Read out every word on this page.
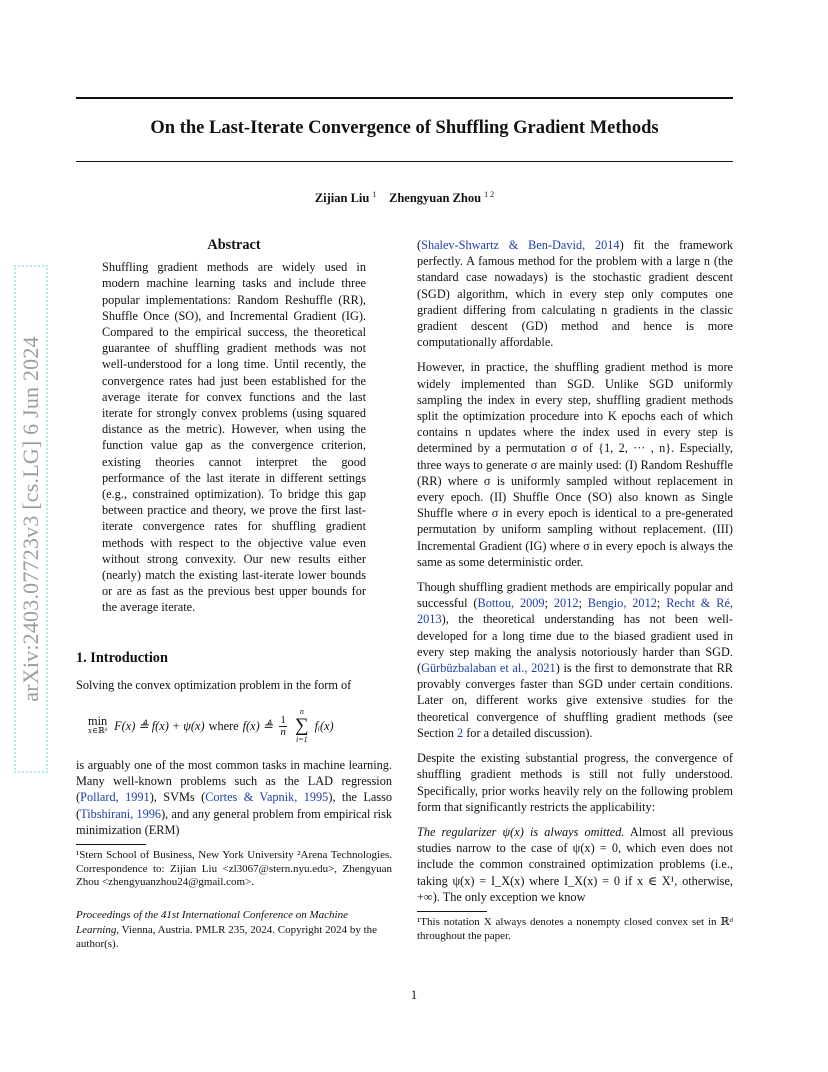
On the Last-Iterate Convergence of Shuffling Gradient Methods
Zijian Liu $^1$ Zhengyuan Zhou $^{1 2}$
arXiv:2403.07723v3 [cs.LG] 6 Jun 2024
Abstract
Shuffling gradient methods are widely used in modern machine learning tasks and include three popular implementations: Random Reshuffle (RR), Shuffle Once (SO), and Incremental Gradient (IG). Compared to the empirical success, the theoretical guarantee of shuffling gradient methods was not well-understood for a long time. Until recently, the convergence rates had just been established for the average iterate for convex functions and the last iterate for strongly convex problems (using squared distance as the metric). However, when using the function value gap as the convergence criterion, existing theories cannot interpret the good performance of the last iterate in different settings (e.g., constrained optimization). To bridge this gap between practice and theory, we prove the first last-iterate convergence rates for shuffling gradient methods with respect to the objective value even without strong convexity. Our new results either (nearly) match the existing last-iterate lower bounds or are as fast as the previous best upper bounds for the average iterate.
1. Introduction

Solving the convex optimization problem in the form of

min
x∈ℝᵈ F(x) ≜ f(x) + ψ(x) where f(x) ≜ $\frac{1}{n}$
n
∑
i=1
fᵢ(x)

is arguably one of the most common tasks in machine learning. Many well-known problems such as the LAD regression (Pollard, 1991), SVMs (Cortes & Vapnik, 1995), the Lasso (Tibshirani, 1996), and any general problem from empirical risk minimization (ERM)

¹Stern School of Business, New York University ²Arena Technologies. Correspondence to: Zijian Liu <zl3067@stern.nyu.edu>, Zhengyuan Zhou <zhengyuanzhou24@gmail.com>.
Proceedings of the 41st International Conference on Machine Learning, Vienna, Austria. PMLR 235, 2024. Copyright 2024 by the author(s).

(Shalev-Shwartz & Ben-David, 2014) fit the framework perfectly. A famous method for the problem with a large n (the standard case nowadays) is the stochastic gradient descent (SGD) algorithm, which in every step only computes one gradient differing from calculating n gradients in the classic gradient descent (GD) method and hence is more computationally affordable.

However, in practice, the shuffling gradient method is more widely implemented than SGD. Unlike SGD uniformly sampling the index in every step, shuffling gradient methods split the optimization procedure into K epochs each of which contains n updates where the index used in every step is determined by a permutation σ of {1, 2, ··· , n}. Especially, three ways to generate σ are mainly used: (I) Random Reshuffle (RR) where σ is uniformly sampled without replacement in every epoch. (II) Shuffle Once (SO) also known as Single Shuffle where σ in every epoch is identical to a pre-generated permutation by uniform sampling without replacement. (III) Incremental Gradient (IG) where σ in every epoch is always the same as some deterministic order.

Though shuffling gradient methods are empirically popular and successful (Bottou, 2009; 2012; Bengio, 2012; Recht & Ré, 2013), the theoretical understanding has not been well-developed for a long time due to the biased gradient used in every step making the analysis notoriously harder than SGD. (Gürbüzbalaban et al., 2021) is the first to demonstrate that RR provably converges faster than SGD under certain conditions. Later on, different works give extensive studies for the theoretical convergence of shuffling gradient methods (see Section 2 for a detailed discussion).

Despite the existing substantial progress, the convergence of shuffling gradient methods is still not fully understood. Specifically, prior works heavily rely on the following problem form that significantly restricts the applicability:

The regularizer ψ(x) is always omitted. Almost all previous studies narrow to the case of ψ(x) = 0, which even does not include the common constrained optimization problems (i.e., taking ψ(x) = I_X(x) where I_X(x) = 0 if x ∈ X¹, otherwise, +∞). The only exception we know

¹This notation X always denotes a nonempty closed convex set in ℝᵈ throughout the paper.
1
